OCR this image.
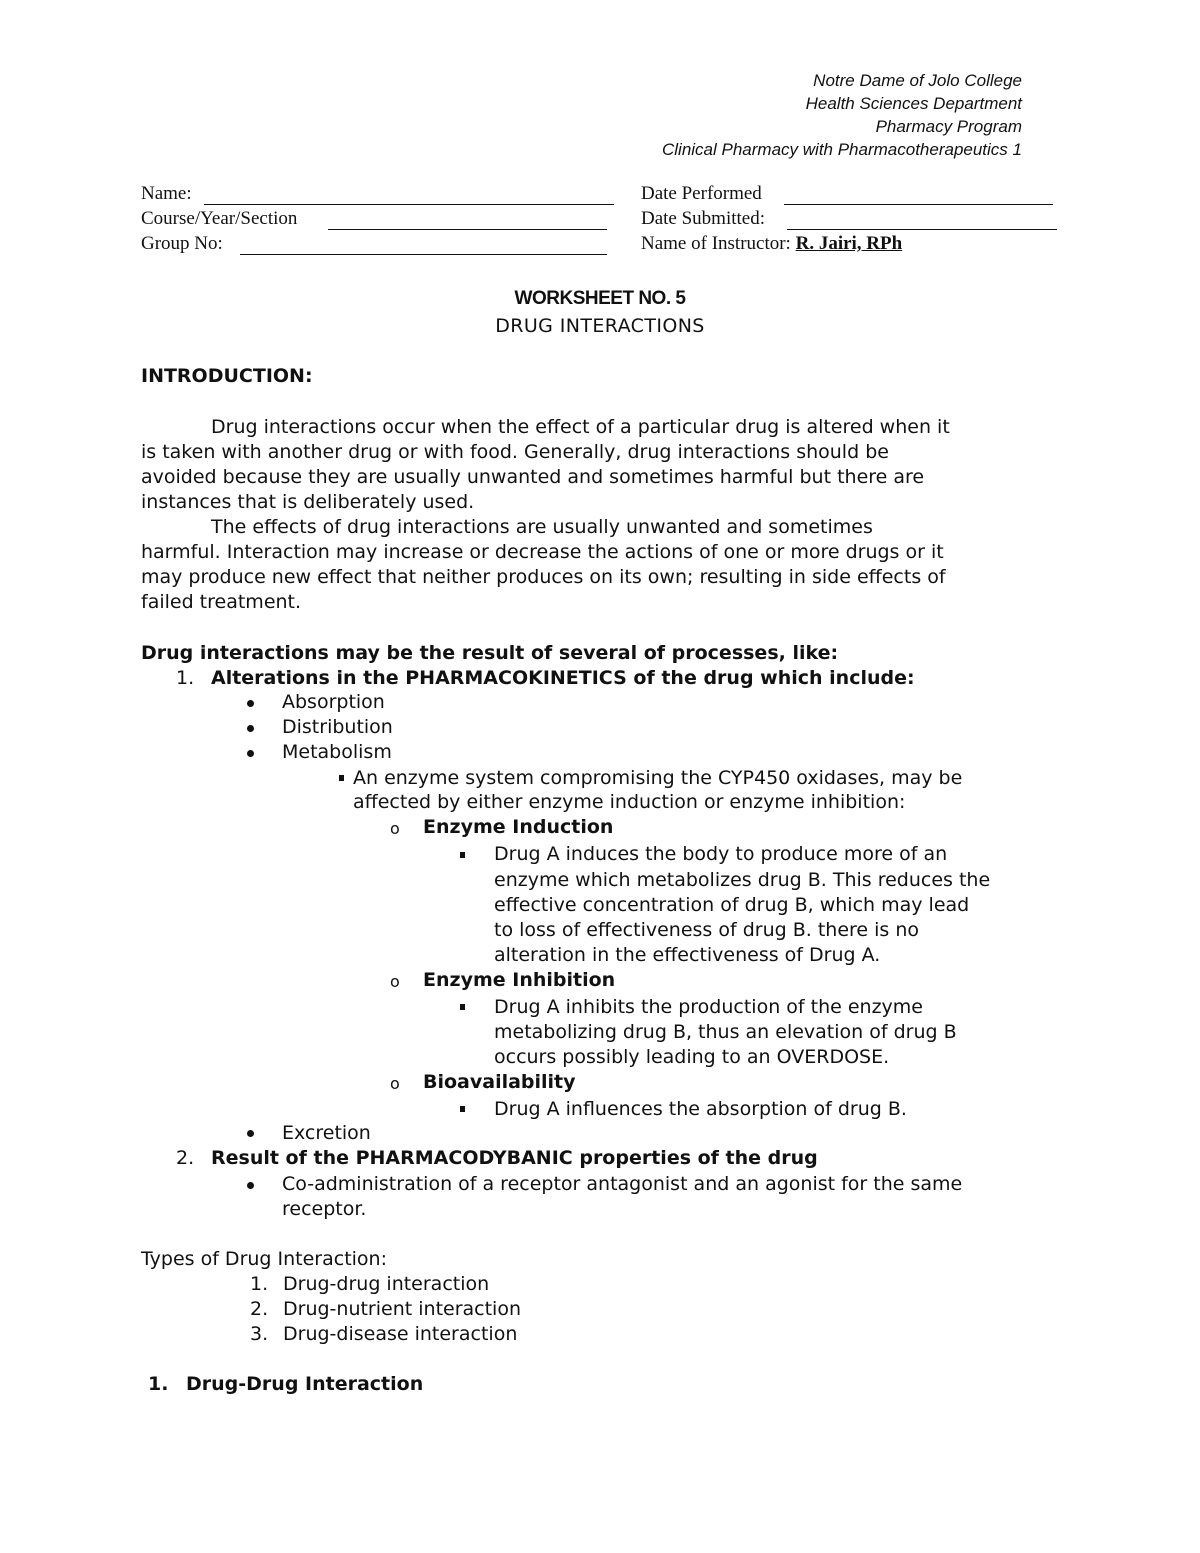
Notre Dame of Jolo College
Health Sciences Department
Pharmacy Program
Clinical Pharmacy with Pharmacotherapeutics 1
Name:
Course/Year/Section
Group No:
Date Performed
Date Submitted:
Name of Instructor: R. Jairi, RPh
WORKSHEET NO. 5
DRUG INTERACTIONS
INTRODUCTION:
Drug interactions occur when the effect of a particular drug is altered when it
is taken with another drug or with food. Generally, drug interactions should be
avoided because they are usually unwanted and sometimes harmful but there are
instances that is deliberately used.
The effects of drug interactions are usually unwanted and sometimes
harmful. Interaction may increase or decrease the actions of one or more drugs or it
may produce new effect that neither produces on its own; resulting in side effects of
failed treatment.
Drug interactions may be the result of several of processes, like:
1. Alterations in the PHARMACOKINETICS of the drug which include:
Absorption
Distribution
Metabolism
An enzyme system compromising the CYP450 oxidases, may be
affected by either enzyme induction or enzyme inhibition:
o Enzyme Induction
Drug A induces the body to produce more of an
enzyme which metabolizes drug B. This reduces the
effective concentration of drug B, which may lead
to loss of effectiveness of drug B. there is no
alteration in the effectiveness of Drug A.
o Enzyme Inhibition
Drug A inhibits the production of the enzyme
metabolizing drug B, thus an elevation of drug B
occurs possibly leading to an OVERDOSE.
o Bioavailability
Drug A influences the absorption of drug B.
Excretion
2. Result of the PHARMACODYBANIC properties of the drug
Co-administration of a receptor antagonist and an agonist for the same
receptor.
Types of Drug Interaction:
1. Drug-drug interaction
2. Drug-nutrient interaction
3. Drug-disease interaction
1. Drug-Drug Interaction
